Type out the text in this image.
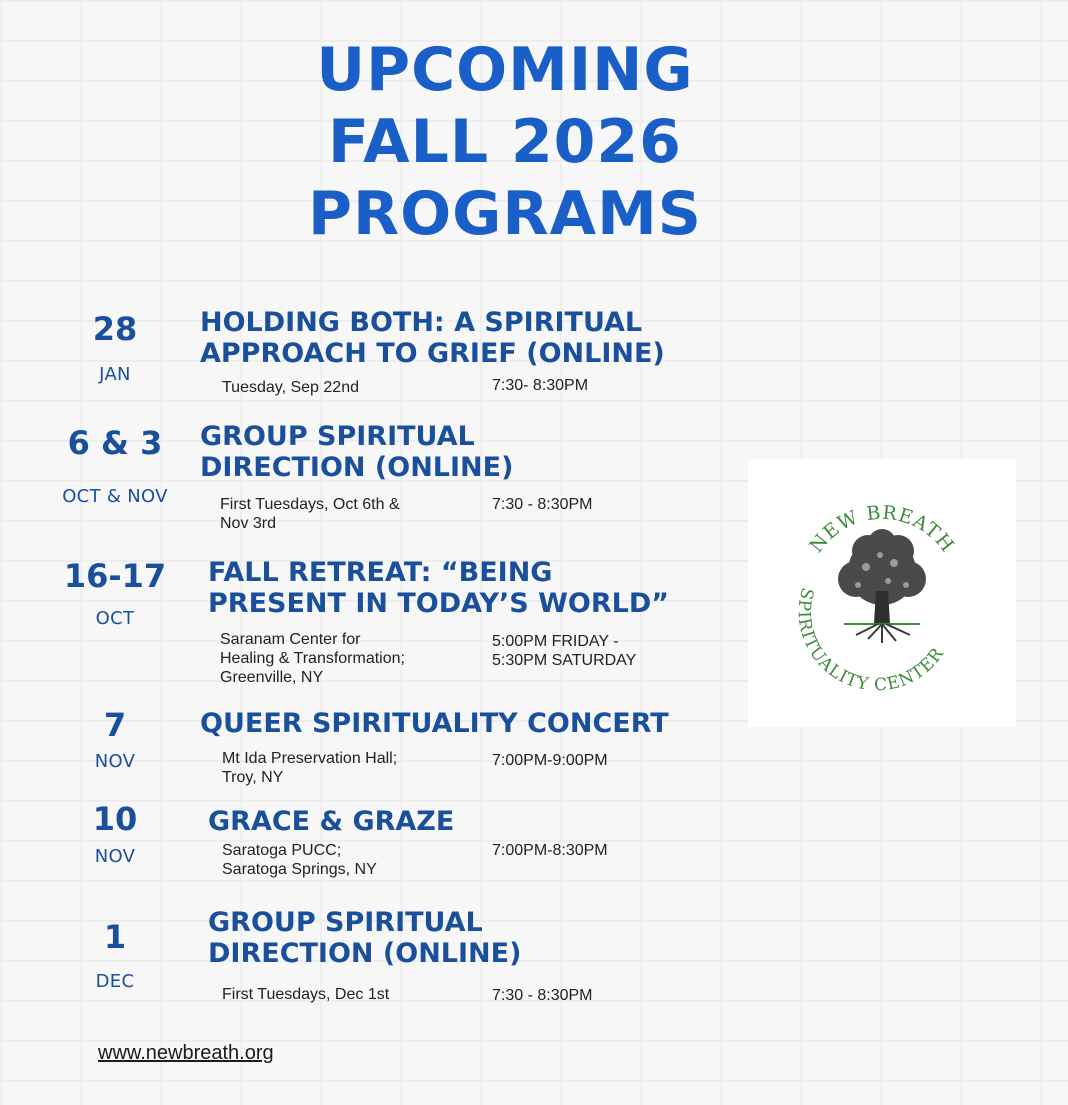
UPCOMING
FALL 2026
PROGRAMS
28
JAN
HOLDING BOTH: A SPIRITUAL
APPROACH TO GRIEF (ONLINE)
Tuesday, Sep 22nd	7:30- 8:30PM
6 & 3
OCT & NOV
GROUP SPIRITUAL
DIRECTION (ONLINE)
First Tuesdays, Oct 6th &
Nov 3rd
7:30 - 8:30PM
16-17
OCT
FALL RETREAT: “BEING
PRESENT IN TODAY’S WORLD”
Saranam Center for
Healing & Transformation;
Greenville, NY
5:00PM FRIDAY -
5:30PM SATURDAY
7
NOV
QUEER SPIRITUALITY CONCERT
Mt Ida Preservation Hall;
Troy, NY
7:00PM-9:00PM
10
NOV
GRACE & GRAZE
Saratoga PUCC;
Saratoga Springs, NY
7:00PM-8:30PM
1
DEC
GROUP SPIRITUAL
DIRECTION (ONLINE)
First Tuesdays, Dec 1st	7:30 - 8:30PM
NEW BREATH
SPIRITUALITY CENTER
www.newbreath.org
